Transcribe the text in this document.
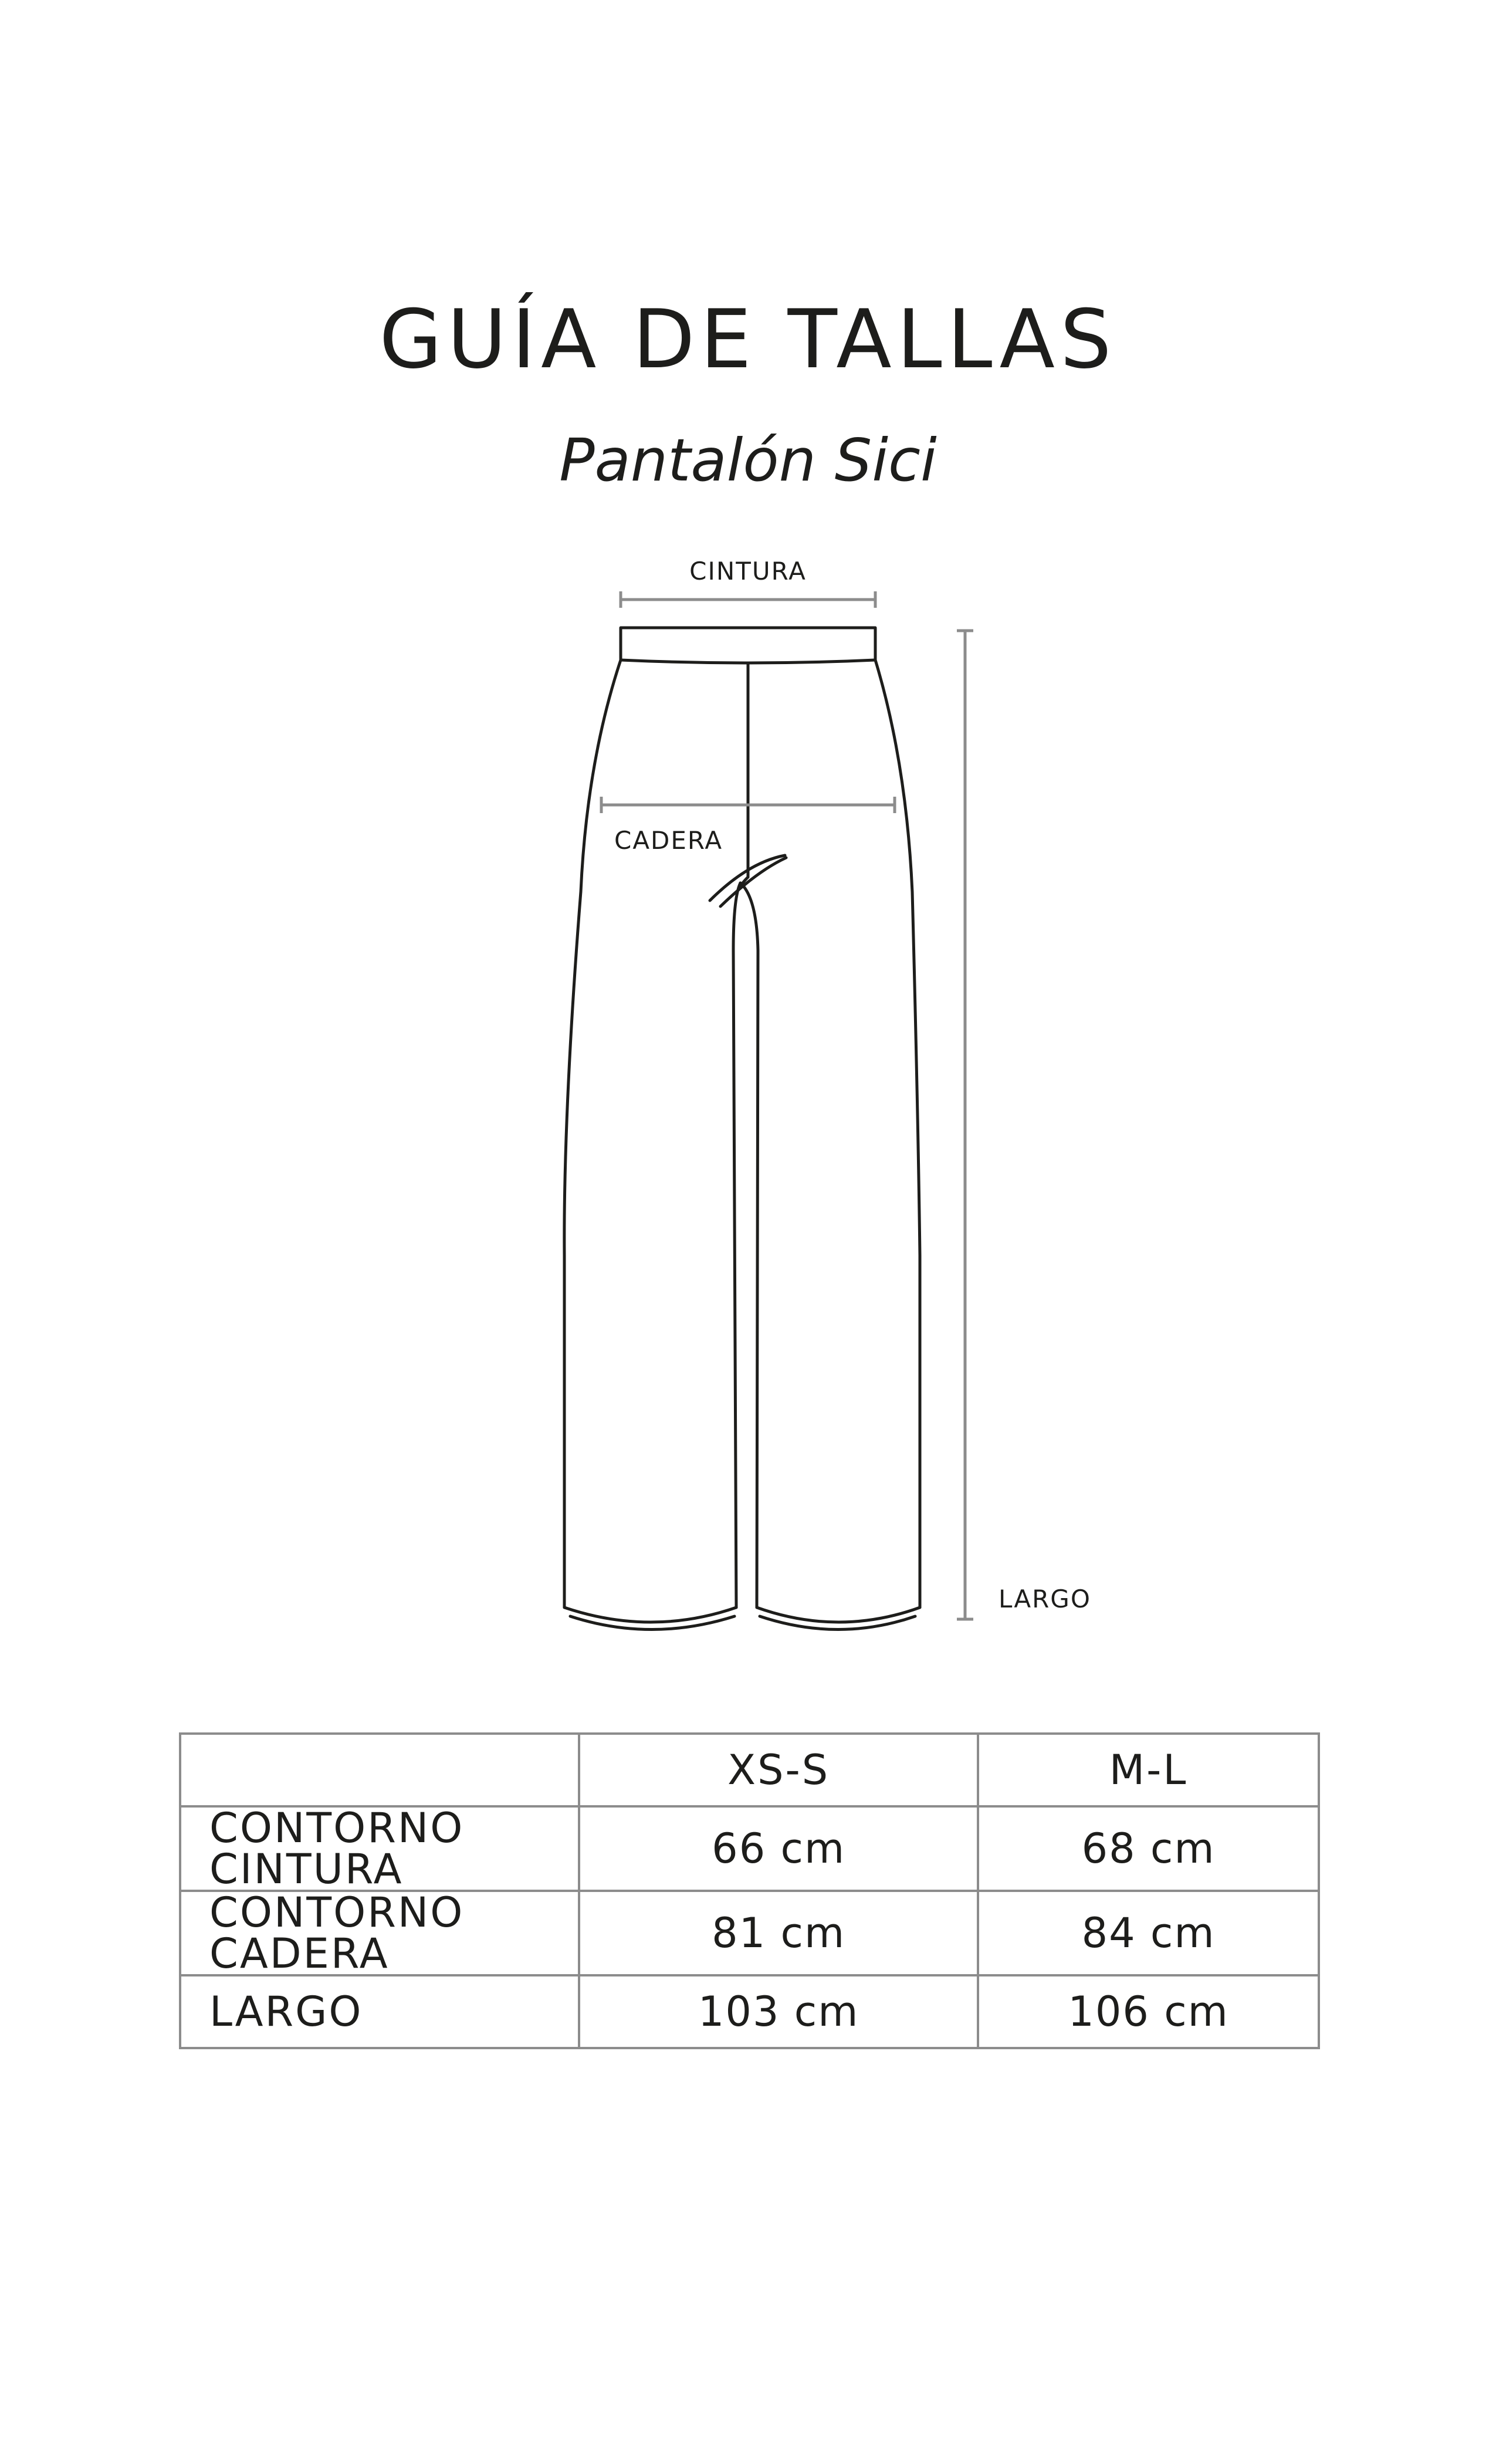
GUÍA DE TALLAS
Pantalón Sici
CINTURA
CADERA
LARGO
	XS-S	M-L
CONTORNO CINTURA	66 cm	68 cm
CONTORNO CADERA	81 cm	84 cm
LARGO	103 cm	106 cm
